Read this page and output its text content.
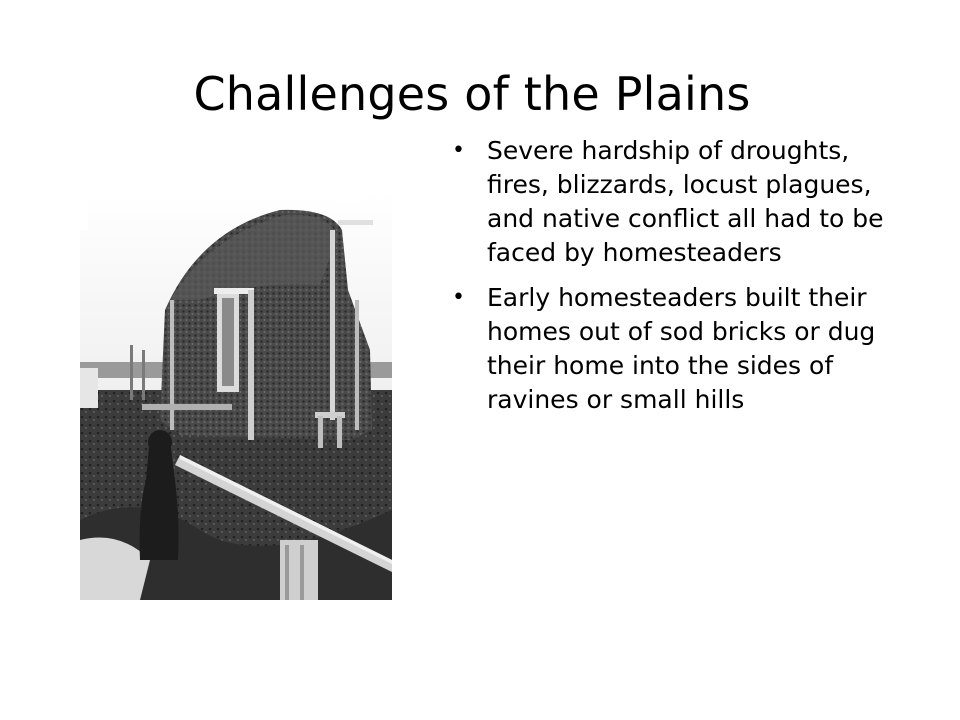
Challenges of the Plains
• Severe hardship of droughts, fires, blizzards, locust plagues, and native conflict all had to be faced by homesteaders
• Early homesteaders built their homes out of sod bricks or dug their home into the sides of ravines or small hills
